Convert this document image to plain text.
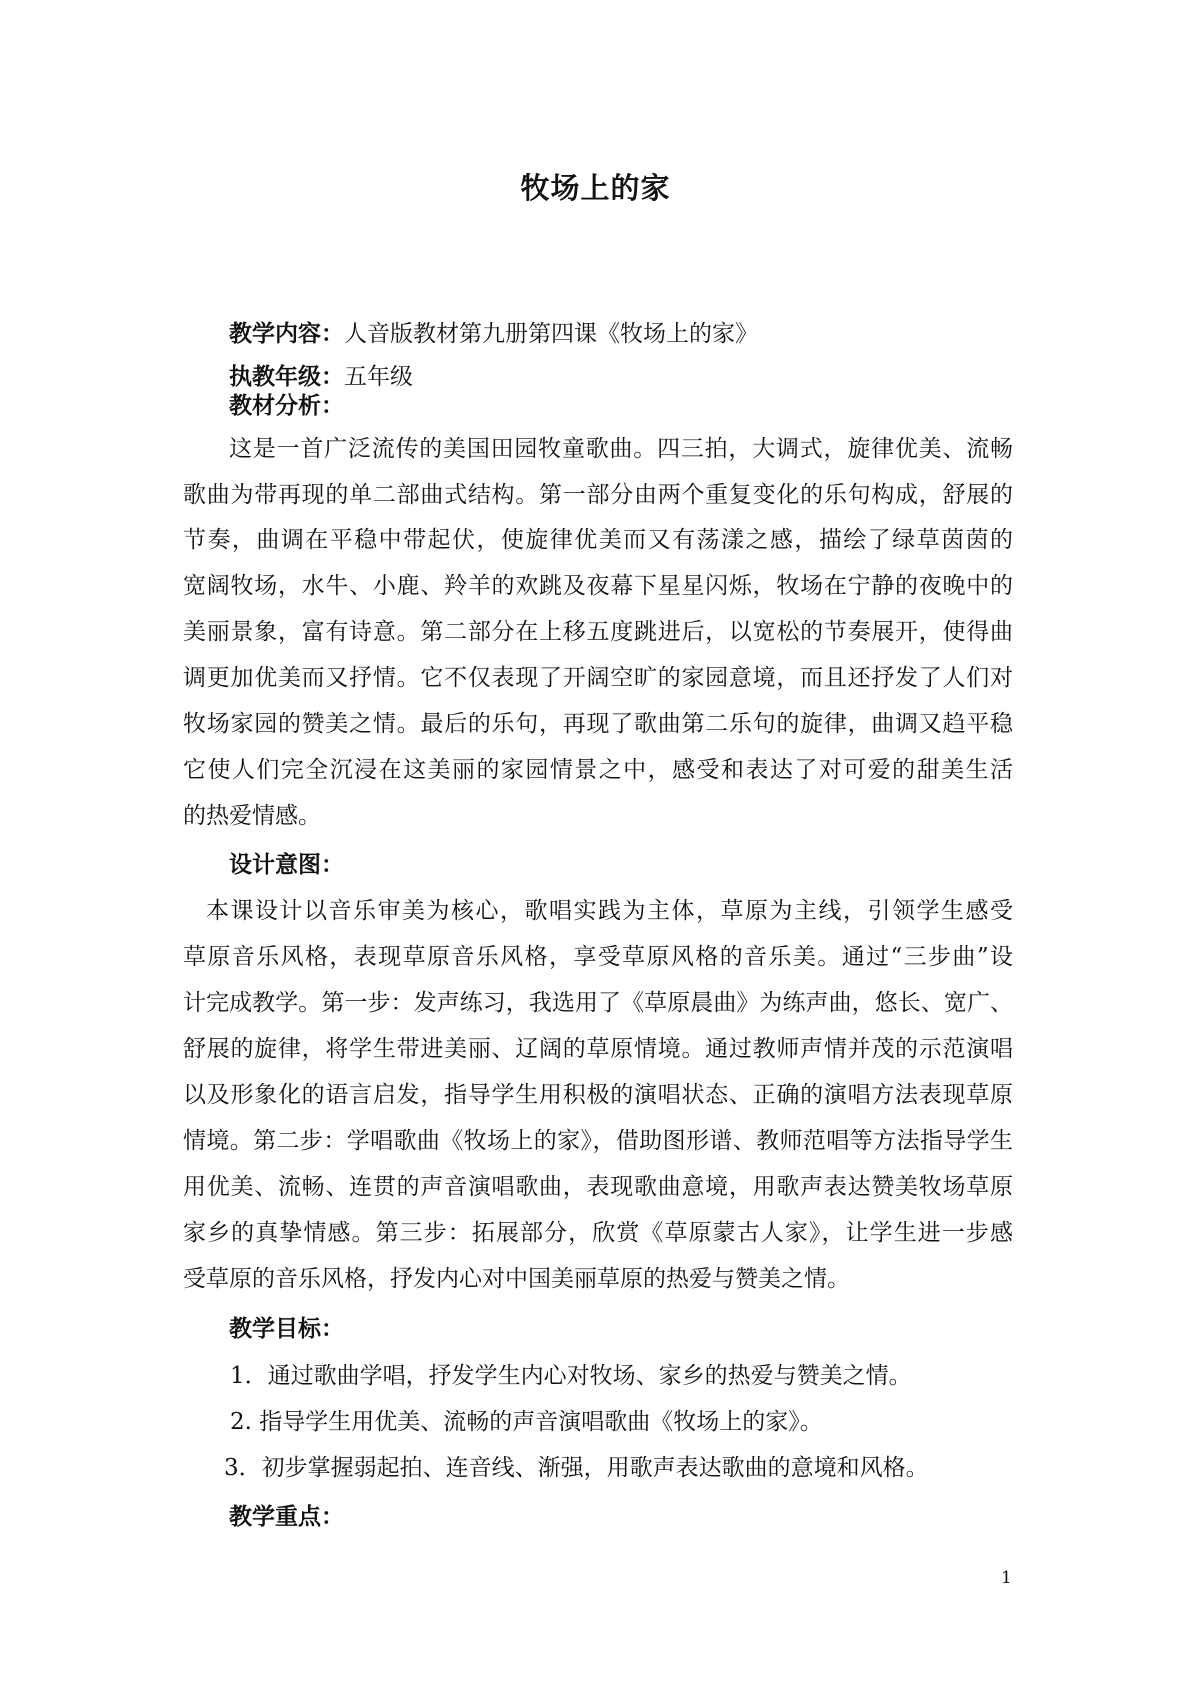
牧场上的家
教学内容：人音版教材第九册第四课《牧场上的家》
执教年级：五年级
教材分析：
这是一首广泛流传的美国田园牧童歌曲。四三拍，大调式，旋律优美、流畅
歌曲为带再现的单二部曲式结构。第一部分由两个重复变化的乐句构成，舒展的
节奏，曲调在平稳中带起伏，使旋律优美而又有荡漾之感，描绘了绿草茵茵的
宽阔牧场，水牛、小鹿、羚羊的欢跳及夜幕下星星闪烁，牧场在宁静的夜晚中的
美丽景象，富有诗意。第二部分在上移五度跳进后，以宽松的节奏展开，使得曲
调更加优美而又抒情。它不仅表现了开阔空旷的家园意境，而且还抒发了人们对
牧场家园的赞美之情。最后的乐句，再现了歌曲第二乐句的旋律，曲调又趋平稳
它使人们完全沉浸在这美丽的家园情景之中，感受和表达了对可爱的甜美生活
的热爱情感。
设计意图：
本课设计以音乐审美为核心，歌唱实践为主体，草原为主线，引领学生感受
草原音乐风格，表现草原音乐风格，享受草原风格的音乐美。通过“三步曲”设
计完成教学。第一步：发声练习，我选用了《草原晨曲》为练声曲，悠长、宽广、
舒展的旋律，将学生带进美丽、辽阔的草原情境。通过教师声情并茂的示范演唱
以及形象化的语言启发，指导学生用积极的演唱状态、正确的演唱方法表现草原
情境。第二步：学唱歌曲《牧场上的家》，借助图形谱、教师范唱等方法指导学生
用优美、流畅、连贯的声音演唱歌曲，表现歌曲意境，用歌声表达赞美牧场草原
家乡的真挚情感。第三步：拓展部分，欣赏《草原蒙古人家》，让学生进一步感
受草原的音乐风格，抒发内心对中国美丽草原的热爱与赞美之情。
教学目标：
1．通过歌曲学唱，抒发学生内心对牧场、家乡的热爱与赞美之情。
2. 指导学生用优美、流畅的声音演唱歌曲《牧场上的家》。
3．初步掌握弱起拍、连音线、渐强，用歌声表达歌曲的意境和风格。
教学重点：
1
